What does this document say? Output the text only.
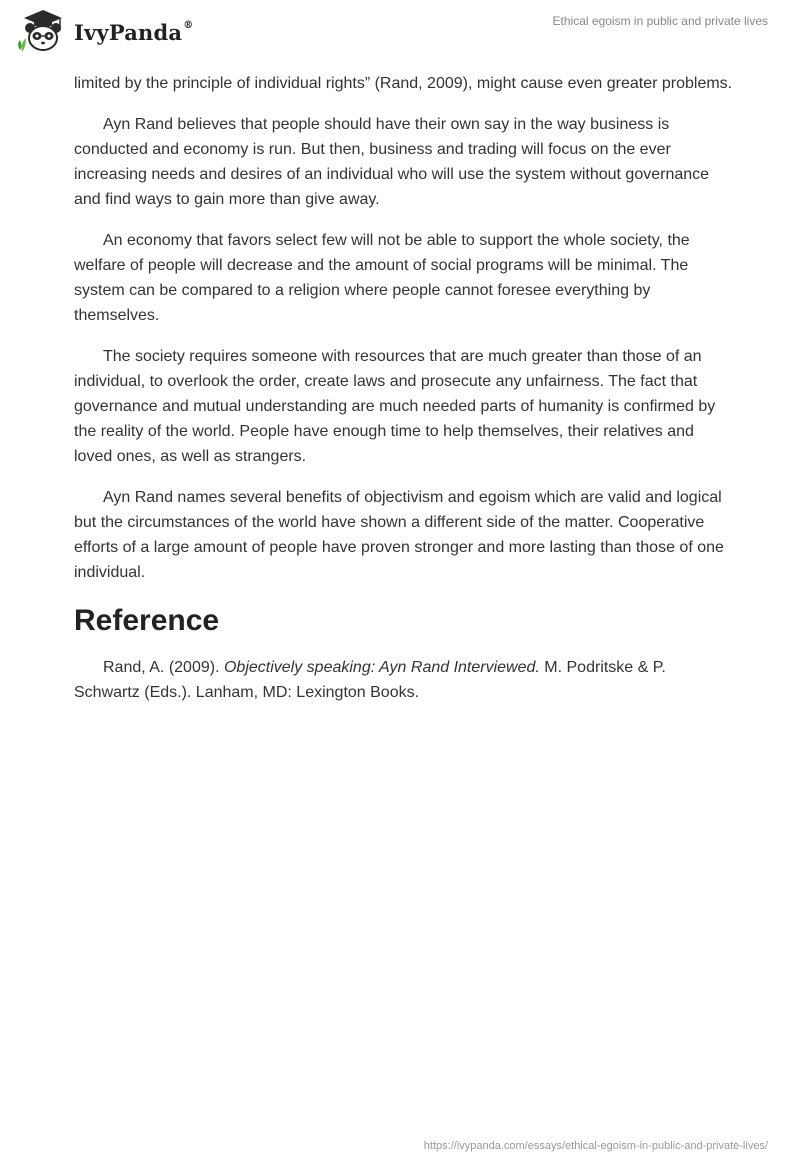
IvyPanda®	Ethical egoism in public and private lives

limited by the principle of individual rights” (Rand, 2009), might cause even greater problems.

Ayn Rand believes that people should have their own say in the way business is conducted and economy is run. But then, business and trading will focus on the ever increasing needs and desires of an individual who will use the system without governance and find ways to gain more than give away.

An economy that favors select few will not be able to support the whole society, the welfare of people will decrease and the amount of social programs will be minimal. The system can be compared to a religion where people cannot foresee everything by themselves.

The society requires someone with resources that are much greater than those of an individual, to overlook the order, create laws and prosecute any unfairness. The fact that governance and mutual understanding are much needed parts of humanity is confirmed by the reality of the world. People have enough time to help themselves, their relatives and loved ones, as well as strangers.

Ayn Rand names several benefits of objectivism and egoism which are valid and logical but the circumstances of the world have shown a different side of the matter. Cooperative efforts of a large amount of people have proven stronger and more lasting than those of one individual.

Reference

Rand, A. (2009). Objectively speaking: Ayn Rand Interviewed. M. Podritske & P. Schwartz (Eds.). Lanham, MD: Lexington Books.

https://ivypanda.com/essays/ethical-egoism-in-public-and-private-lives/
